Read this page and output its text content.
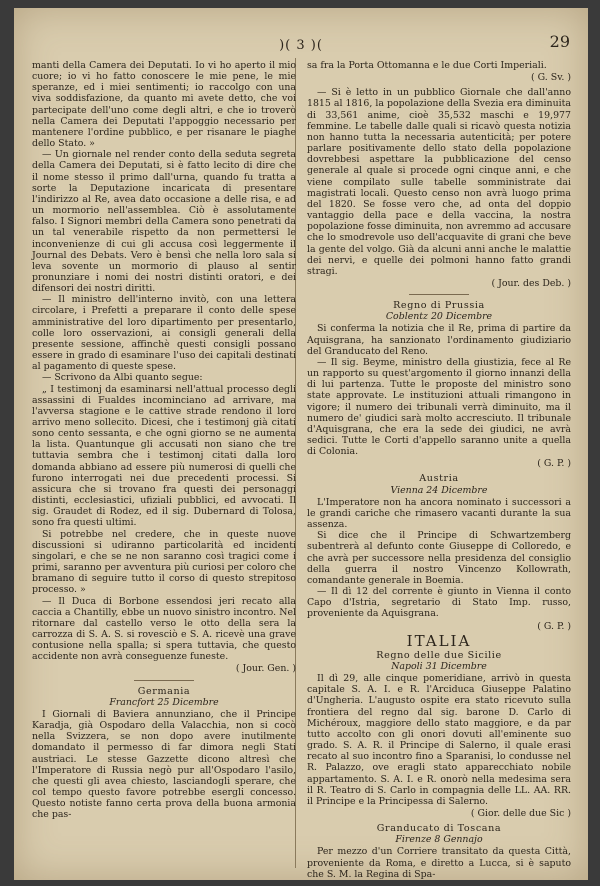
)( 3 )(	29

manti della Camera dei Deputati. Io vi ho aperto il mio cuore; io vi ho fatto conoscere le mie pene, le mie speranze, ed i miei sentimenti; io raccolgo con una viva soddisfazione, da quanto mi avete detto, che voi partecipate dell'uno come degli altri, e che io troverò nella Camera dei Deputati l'appoggio necessario per mantenere l'ordine pubblico, e per risanare le piaghe dello Stato. »

— Un giornale nel render conto della seduta segreta della Camera dei Deputati, si è fatto lecito di dire che il nome stesso il primo dall'urna, quando fu tratta a sorte la Deputazione incaricata di presentare l'indirizzo al Re, avea dato occasione a delle risa, e ad un mormorio nell'assemblea. Ciò è assolutamente falso. I Signori membri della Camera sono penetrati da un tal venerabile rispetto da non permettersi le inconvenienze di cui gli accusa così leggermente il Journal des Debats. Vero è bensì che nella loro sala si leva sovente un mormorio di plauso al sentir pronunziare i nomi dei nostri distinti oratori, e dei difensori dei nostri diritti.

— Il ministro dell'interno invitò, con una lettera circolare, i Prefetti a preparare il conto delle spese amministrative del loro dipartimento per presentarlo, colle loro osservazioni, ai consigli generali della presente sessione, affinchè questi consigli possano essere in grado di esaminare l'uso dei capitali destinati al pagamento di queste spese.

— Scrivono da Albi quanto segue:

„ I testimonj da esaminarsi nell'attual processo degli assassini di Fualdes incominciano ad arrivare, ma l'avversa stagione e le cattive strade rendono il loro arrivo meno sollecito. Dicesi, che i testimonj già citati sono cento sessanta, e che ogni giorno se ne aumenta la lista. Quantunque gli accusati non siano che tre tuttavia sembra che i testimonj citati dalla loro domanda abbiano ad essere più numerosi di quelli che furono interrogati nei due precedenti processi. Si assicura che si trovano fra questi dei personaggi distinti, ecclesiastici, ufiziali pubblici, ed avvocati. Il sig. Graudet di Rodez, ed il sig. Dubernard di Tolosa, sono fra questi ultimi.

Si potrebbe nel credere, che in queste nuove discussioni si udiranno particolarità ed incidenti singolari, e che se ne non saranno così tragici come i primi, saranno per avventura più curiosi per coloro che bramano di seguire tutto il corso di questo strepitoso processo. »

— Il Duca di Borbone essendosi jeri recato alla caccia a Chantilly, ebbe un nuovo sinistro incontro. Nel ritornare dal castello verso le otto della sera la carrozza di S. A. S. si rovesciò e S. A. ricevè una grave contusione nella spalla; si spera tuttavia, che questo accidente non avrà conseguenze funeste.

( Jour. Gen. )

Germania

Francfort 25 Dicembre

I Giornali di Baviera annunziano, che il Principe Karadja, già Ospodaro della Valacchia, non si cocò nella Svizzera, se non dopo avere inutilmente domandato il permesso di far dimora negli Stati austriaci. Le stesse Gazzette dicono altresì che l'Imperatore di Russia negò pur all'Ospodaro l'asilo, che questi gli avea chiesto, lasciandogli sperare, che col tempo questo favore potrebbe esergli concesso. Questo notiste fanno certa prova della buona armonia che pas-

sa fra la Porta Ottomanna e le due Corti Imperiali.

( G. Sv. )

— Si è letto in un pubblico Giornale che dall'anno 1815 al 1816, la popolazione della Svezia era diminuita di 33,561 anime, cioè 35,532 maschi e 19,977 femmine. Le tabelle dalle quali si ricavò questa notizia non hanno tutta la necessaria autenticità; per potere parlare positivamente dello stato della popolazione dovrebbesi aspettare la pubblicazione del censo generale al quale si procede ogni cinque anni, e che viene compilato sulle tabelle somministrate dai magistrati locali. Questo censo non avrà luogo prima del 1820. Se fosse vero che, ad onta del doppio vantaggio della pace e della vaccina, la nostra popolazione fosse diminuita, non avremmo ad accusare che lo smodrevole uso dell'acquavite di grani che beve la gente del volgo. Già da alcuni anni anche le malattie dei nervi, e quelle dei polmoni hanno fatto grandi stragi.

( Jour. des Deb. )

Regno di Prussia

Coblentz 20 Dicembre

Si conferma la notizia che il Re, prima di partire da Aquisgrana, ha sanzionato l'ordinamento giudiziario del Granducato del Reno.

— Il sig. Beyme, ministro della giustizia, fece al Re un rapporto su quest'argomento il giorno innanzi della di lui partenza. Tutte le proposte del ministro sono state approvate. Le instituzioni attuali rimangono in vigore; il numero dei tribunali verrà diminuito, ma il numero de' giudici sarà molto accresciuto. Il tribunale d'Aquisgrana, che era la sede dei giudici, ne avrà sedici. Tutte le Corti d'appello saranno unite a quella di Colonia.

( G. P. )

Austria

Vienna 24 Dicembre

L'Imperatore non ha ancora nominato i successori a le grandi cariche che rimasero vacanti durante la sua assenza.

Si dice che il Principe di Schwartzemberg subentrerà al defunto conte Giuseppe di Colloredo, e che avrà per successore nella presidenza del consiglio della guerra il nostro Vincenzo Kollowrath, comandante generale in Boemia.

— Il dì 12 del corrente è giunto in Vienna il conto Capo d'Istria, segretario di Stato Imp. russo, proveniente da Aquisgrana.

( G. P. )

ITALIA

Regno delle due Sicilie

Napoli 31 Dicembre

Il dì 29, alle cinque pomeridiane, arrivò in questa capitale S. A. I. e R. l'Arciduca Giuseppe Palatino d'Ungheria. L'augusto ospite era stato ricevuto sulla frontiera del regno dal sig. barone D. Carlo di Michéroux, maggiore dello stato maggiore, e da par tutto accolto con gli onori dovuti all'eminente suo grado. S. A. R. il Principe di Salerno, il quale erasi recato al suo incontro fino a Sparanisi, lo condusse nel R. Palazzo, ove eragli stato apparecchiato nobile appartamento. S. A. I. e R. onorò nella medesima sera il R. Teatro di S. Carlo in compagnia delle LL. AA. RR. il Principe e la Principessa di Salerno.

( Gior. delle due Sic )

Granducato di Toscana

Firenze 8 Gennajo

Per mezzo d'un Corriere transitato da questa Città, proveniente da Roma, e diretto a Lucca, si è saputo che S. M. la Regina di Spa-
